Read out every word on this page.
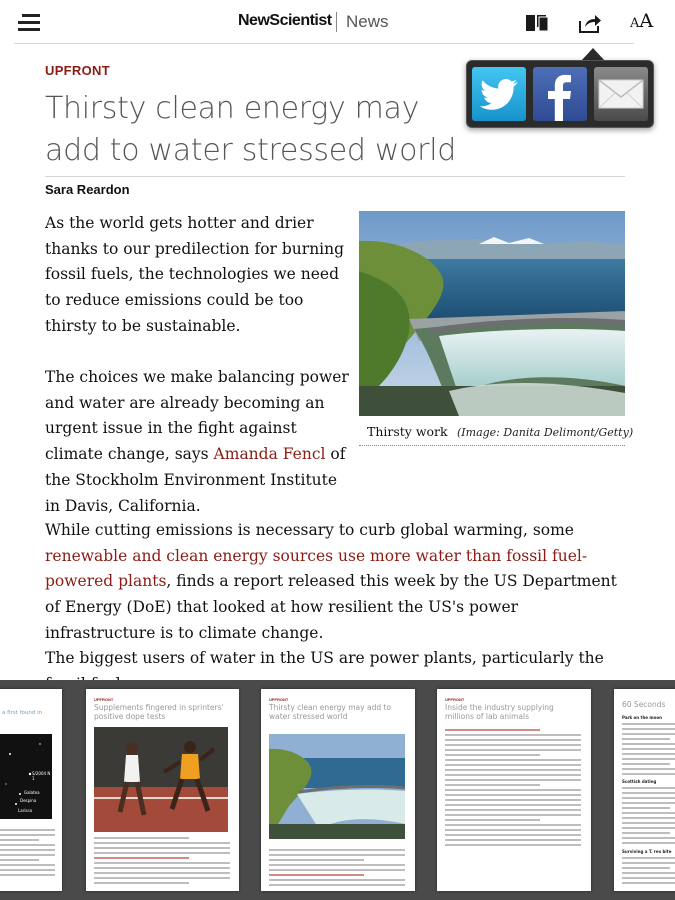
NewScientist News	AA
UPFRONT
Thirsty clean energy may add to water stressed world
Sara Reardon

As the world gets hotter and drier thanks to our predilection for burning fossil fuels, the technologies we need to reduce emissions could be too thirsty to be sustainable.

The choices we make balancing power and water are already becoming an urgent issue in the fight against climate change, says Amanda Fencl of the Stockholm Environment Institute in Davis, California.

While cutting emissions is necessary to curb global warming, some renewable and clean energy sources use more water than fossil fuel-powered plants, finds a report released this week by the US Department of Energy (DoE) that looked at how resilient the US's power infrastructure is to climate change.

The biggest users of water in the US are power plants, particularly the

Thirsty work (Image: Danita Delimont/Getty)
a first found in
S/2004 N 1
Galatea
Despina
Larissa
UPFRONT
Supplements fingered in sprinters' positive dope tests
UPFRONT
Thirsty clean energy may add to water stressed world
UPFRONT
Inside the industry supplying millions of lab animals
60 Seconds
Park on the moon
Scottish dating
Surviving a T. rex bite
